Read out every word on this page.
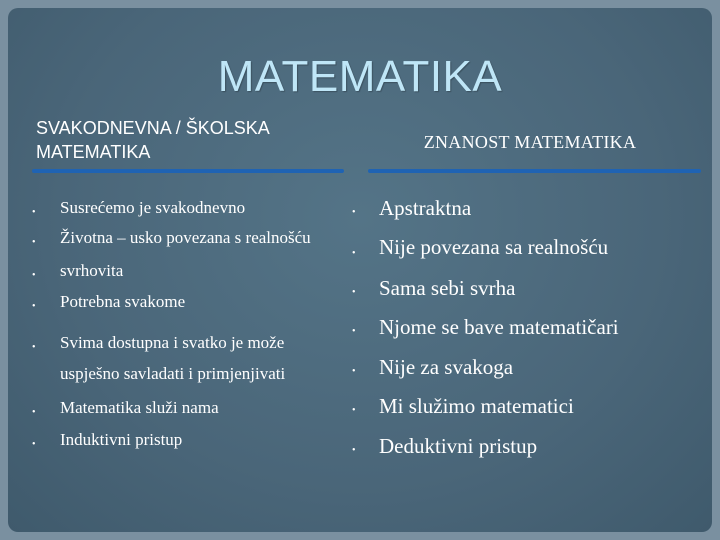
MATEMATIKA
SVAKODNEVNA / ŠKOLSKA MATEMATIKA	ZNANOST MATEMATIKA
• Susrećemo je svakodnevno
• Životna – usko povezana s realnošću
• svrhovita
• Potrebna svakome
• Svima dostupna i svatko je može
uspješno savladati i primjenjivati
• Matematika služi nama
• Induktivni pristup
• Apstraktna
• Nije povezana sa realnošću
• Sama sebi svrha
• Njome se bave matematičari
• Nije za svakoga
• Mi služimo matematici
• Deduktivni pristup
